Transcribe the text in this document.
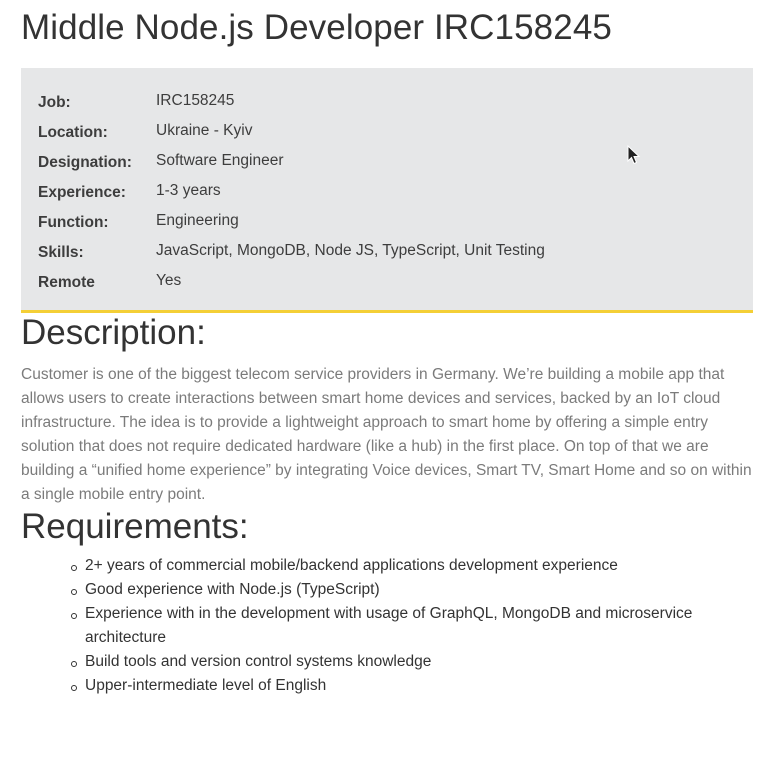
Middle Node.js Developer IRC158245
Job:	IRC158245
Location:	Ukraine - Kyiv
Designation:	Software Engineer
Experience:	1-3 years
Function:	Engineering
Skills:	JavaScript, MongoDB, Node JS, TypeScript, Unit Testing
Remote	Yes
Description:

Customer is one of the biggest telecom service providers in Germany. We’re building a mobile app that allows users to create interactions between smart home devices and services, backed by an IoT cloud infrastructure. The idea is to provide a lightweight approach to smart home by offering a simple entry solution that does not require dedicated hardware (like a hub) in the first place. On top of that we are building a “unified home experience” by integrating Voice devices, Smart TV, Smart Home and so on within a single mobile entry point.

Requirements:
2+ years of commercial mobile/backend applications development experience
Good experience with Node.js (TypeScript)
Experience with in the development with usage of GraphQL, MongoDB and microservice architecture
Build tools and version control systems knowledge
Upper-intermediate level of English
